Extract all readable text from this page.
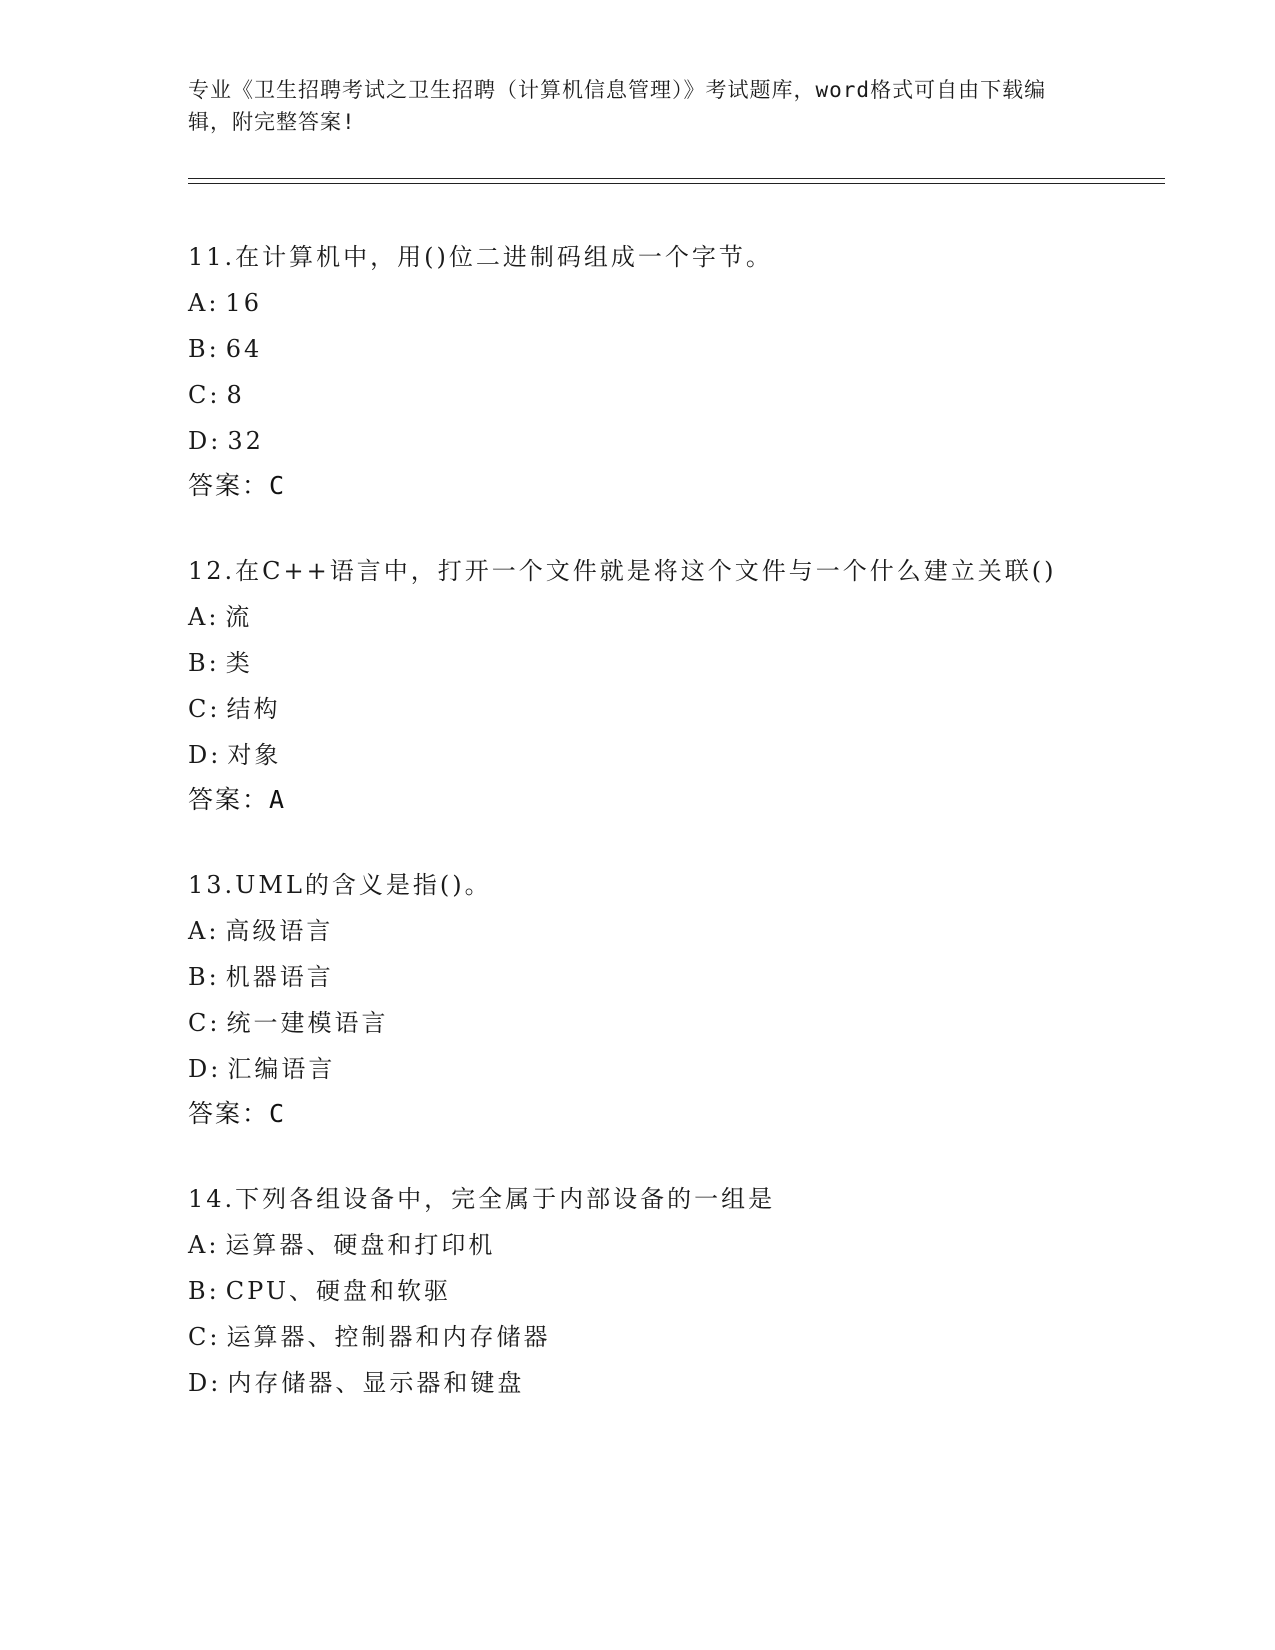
专业《卫生招聘考试之卫生招聘（计算机信息管理）》考试题库，word格式可自由下载编辑，附完整答案!
11.在计算机中，用()位二进制码组成一个字节。
A: 16
B: 64
C: 8
D: 32
答案：C
12.在C++语言中，打开一个文件就是将这个文件与一个什么建立关联()
A: 流
B: 类
C: 结构
D: 对象
答案：A
13.UML的含义是指()。
A: 高级语言
B: 机器语言
C: 统一建模语言
D: 汇编语言
答案：C
14.下列各组设备中，完全属于内部设备的一组是
A: 运算器、硬盘和打印机
B: CPU、硬盘和软驱
C: 运算器、控制器和内存储器
D: 内存储器、显示器和键盘
